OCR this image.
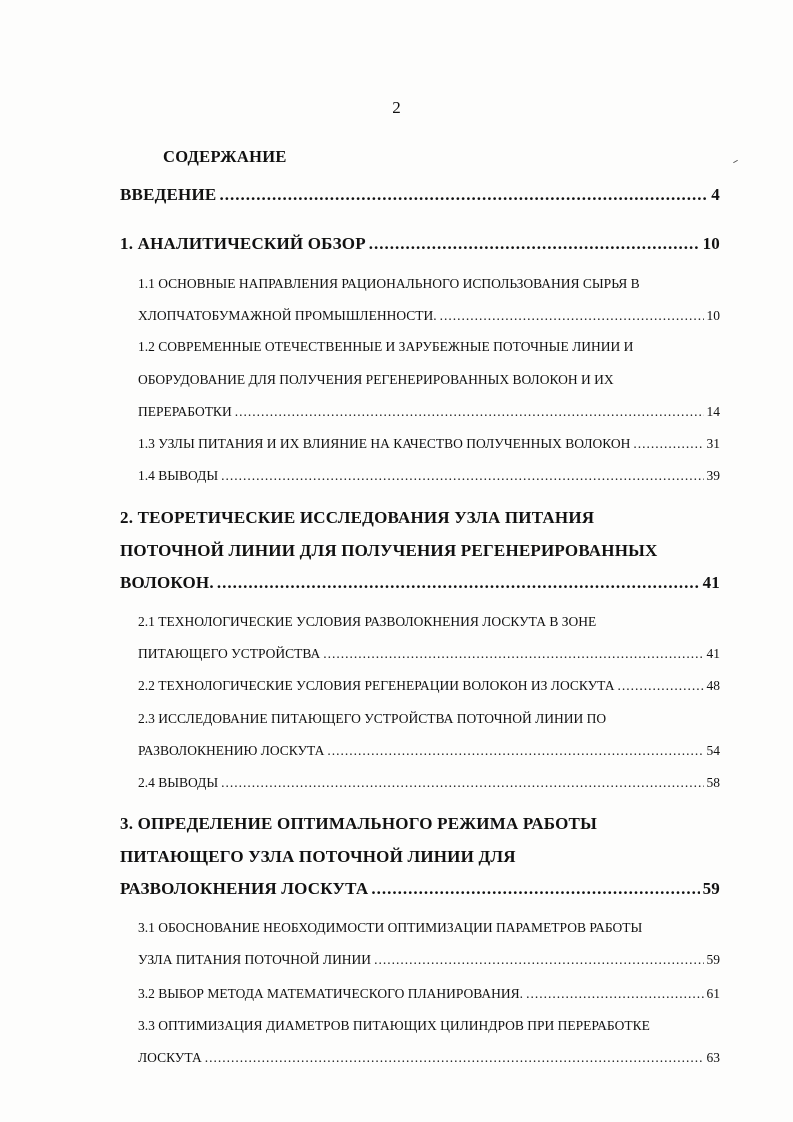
2
СОДЕРЖАНИЕ
ВВЕДЕНИЕ .....	4
1. АНАЛИТИЧЕСКИЙ ОБЗОР .....	10
1.1 ОСНОВНЫЕ НАПРАВЛЕНИЯ РАЦИОНАЛЬНОГО ИСПОЛЬЗОВАНИЯ СЫРЬЯ В
ХЛОПЧАТОБУМАЖНОЙ ПРОМЫШЛЕННОСТИ. .....	10
1.2 СОВРЕМЕННЫЕ ОТЕЧЕСТВЕННЫЕ И ЗАРУБЕЖНЫЕ ПОТОЧНЫЕ ЛИНИИ И
ОБОРУДОВАНИЕ ДЛЯ ПОЛУЧЕНИЯ РЕГЕНЕРИРОВАННЫХ ВОЛОКОН И ИХ
ПЕРЕРАБОТКИ .....	14
1.3 УЗЛЫ ПИТАНИЯ И ИХ ВЛИЯНИЕ НА КАЧЕСТВО ПОЛУЧЕННЫХ ВОЛОКОН .....	31
1.4 ВЫВОДЫ .....	39
2. ТЕОРЕТИЧЕСКИЕ ИССЛЕДОВАНИЯ УЗЛА ПИТАНИЯ
ПОТОЧНОЙ ЛИНИИ ДЛЯ ПОЛУЧЕНИЯ РЕГЕНЕРИРОВАННЫХ
ВОЛОКОН. .....	41
2.1 ТЕХНОЛОГИЧЕСКИЕ УСЛОВИЯ РАЗВОЛОКНЕНИЯ ЛОСКУТА В ЗОНЕ
ПИТАЮЩЕГО УСТРОЙСТВА .....	41
2.2 ТЕХНОЛОГИЧЕСКИЕ УСЛОВИЯ РЕГЕНЕРАЦИИ ВОЛОКОН ИЗ ЛОСКУТА .....	48
2.3 ИССЛЕДОВАНИЕ ПИТАЮЩЕГО УСТРОЙСТВА ПОТОЧНОЙ ЛИНИИ ПО
РАЗВОЛОКНЕНИЮ ЛОСКУТА .....	54
2.4 ВЫВОДЫ .....	58
3. ОПРЕДЕЛЕНИЕ ОПТИМАЛЬНОГО РЕЖИМА РАБОТЫ
ПИТАЮЩЕГО УЗЛА ПОТОЧНОЙ ЛИНИИ ДЛЯ
РАЗВОЛОКНЕНИЯ ЛОСКУТА .....	59
3.1 ОБОСНОВАНИЕ НЕОБХОДИМОСТИ ОПТИМИЗАЦИИ ПАРАМЕТРОВ РАБОТЫ
УЗЛА ПИТАНИЯ ПОТОЧНОЙ ЛИНИИ .....	59
3.2 ВЫБОР МЕТОДА МАТЕМАТИЧЕСКОГО ПЛАНИРОВАНИЯ. .....	61
3.3 ОПТИМИЗАЦИЯ ДИАМЕТРОВ ПИТАЮЩИХ ЦИЛИНДРОВ ПРИ ПЕРЕРАБОТКЕ
ЛОСКУТА .....	63
